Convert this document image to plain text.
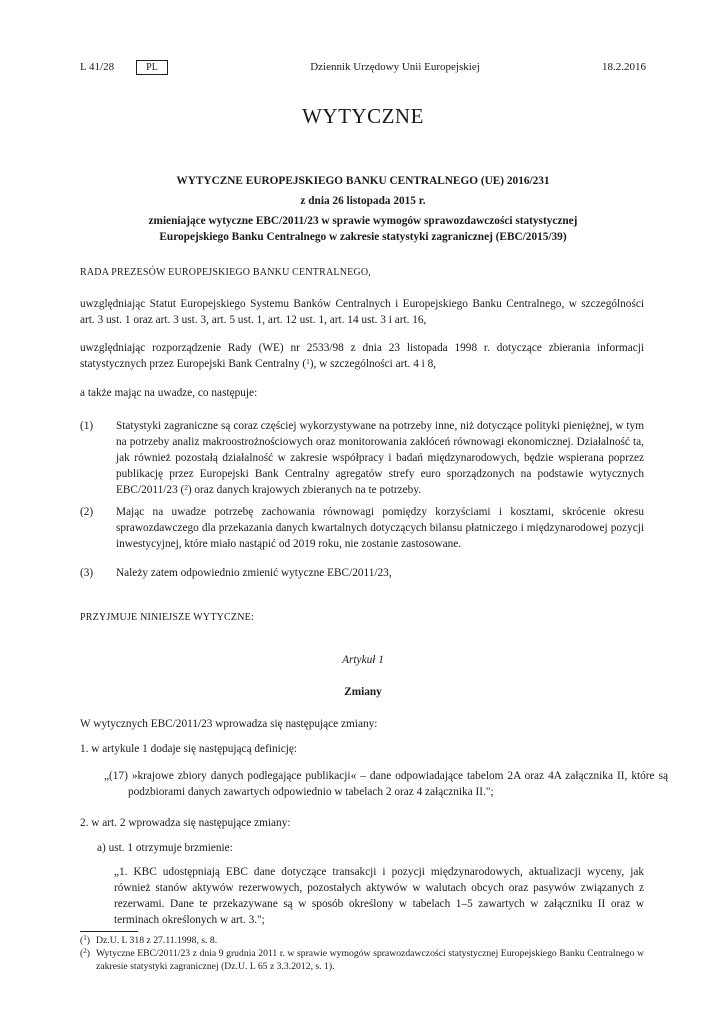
L 41/28	PL	Dziennik Urzędowy Unii Europejskiej	18.2.2016
WYTYCZNE
WYTYCZNE EUROPEJSKIEGO BANKU CENTRALNEGO (UE) 2016/231
z dnia 26 listopada 2015 r.
zmieniające wytyczne EBC/2011/23 w sprawie wymogów sprawozdawczości statystycznej
Europejskiego Banku Centralnego w zakresie statystyki zagranicznej (EBC/2015/39)
RADA PREZESÓW EUROPEJSKIEGO BANKU CENTRALNEGO,
uwzględniając Statut Europejskiego Systemu Banków Centralnych i Europejskiego Banku Centralnego, w szczególności art. 3 ust. 1 oraz art. 3 ust. 3, art. 5 ust. 1, art. 12 ust. 1, art. 14 ust. 3 i art. 16,
uwzględniając rozporządzenie Rady (WE) nr 2533/98 z dnia 23 listopada 1998 r. dotyczące zbierania informacji statystycznych przez Europejski Bank Centralny ($^1$), w szczególności art. 4 i 8,
a także mając na uwadze, co następuje:
(1) Statystyki zagraniczne są coraz częściej wykorzystywane na potrzeby inne, niż dotyczące polityki pieniężnej, w tym na potrzeby analiz makroostrożnościowych oraz monitorowania zakłóceń równowagi ekonomicznej. Działalność ta, jak również pozostałą działalność w zakresie współpracy i badań międzynarodowych, będzie wspierana poprzez publikację przez Europejski Bank Centralny agregatów strefy euro sporządzonych na podstawie wytycznych EBC/2011/23 ($^2$) oraz danych krajowych zbieranych na te potrzeby.
(2) Mając na uwadze potrzebę zachowania równowagi pomiędzy korzyściami i kosztami, skrócenie okresu sprawozdawczego dla przekazania danych kwartalnych dotyczących bilansu płatniczego i międzynarodowej pozycji inwestycyjnej, które miało nastąpić od 2019 roku, nie zostanie zastosowane.
(3) Należy zatem odpowiednio zmienić wytyczne EBC/2011/23,
PRZYJMUJE NINIEJSZE WYTYCZNE:
Artykuł 1
Zmiany
W wytycznych EBC/2011/23 wprowadza się następujące zmiany:
1. w artykule 1 dodaje się następującą definicję:
„(17) »krajowe zbiory danych podlegające publikacji« – dane odpowiadające tabelom 2A oraz 4A załącznika II, które są podzbiorami danych zawartych odpowiednio w tabelach 2 oraz 4 załącznika II.";
2. w art. 2 wprowadza się następujące zmiany:
a) ust. 1 otrzymuje brzmienie:
„1. KBC udostępniają EBC dane dotyczące transakcji i pozycji międzynarodowych, aktualizacji wyceny, jak również stanów aktywów rezerwowych, pozostałych aktywów w walutach obcych oraz pasywów związanych z rezerwami. Dane te przekazywane są w sposób określony w tabelach 1–5 zawartych w załączniku II oraz w terminach określonych w art. 3.";
($^1$) Dz.U. L 318 z 27.11.1998, s. 8.
($^2$) Wytyczne EBC/2011/23 z dnia 9 grudnia 2011 r. w sprawie wymogów sprawozdawczości statystycznej Europejskiego Banku Centralnego w zakresie statystyki zagranicznej (Dz.U. L 65 z 3.3.2012, s. 1).
